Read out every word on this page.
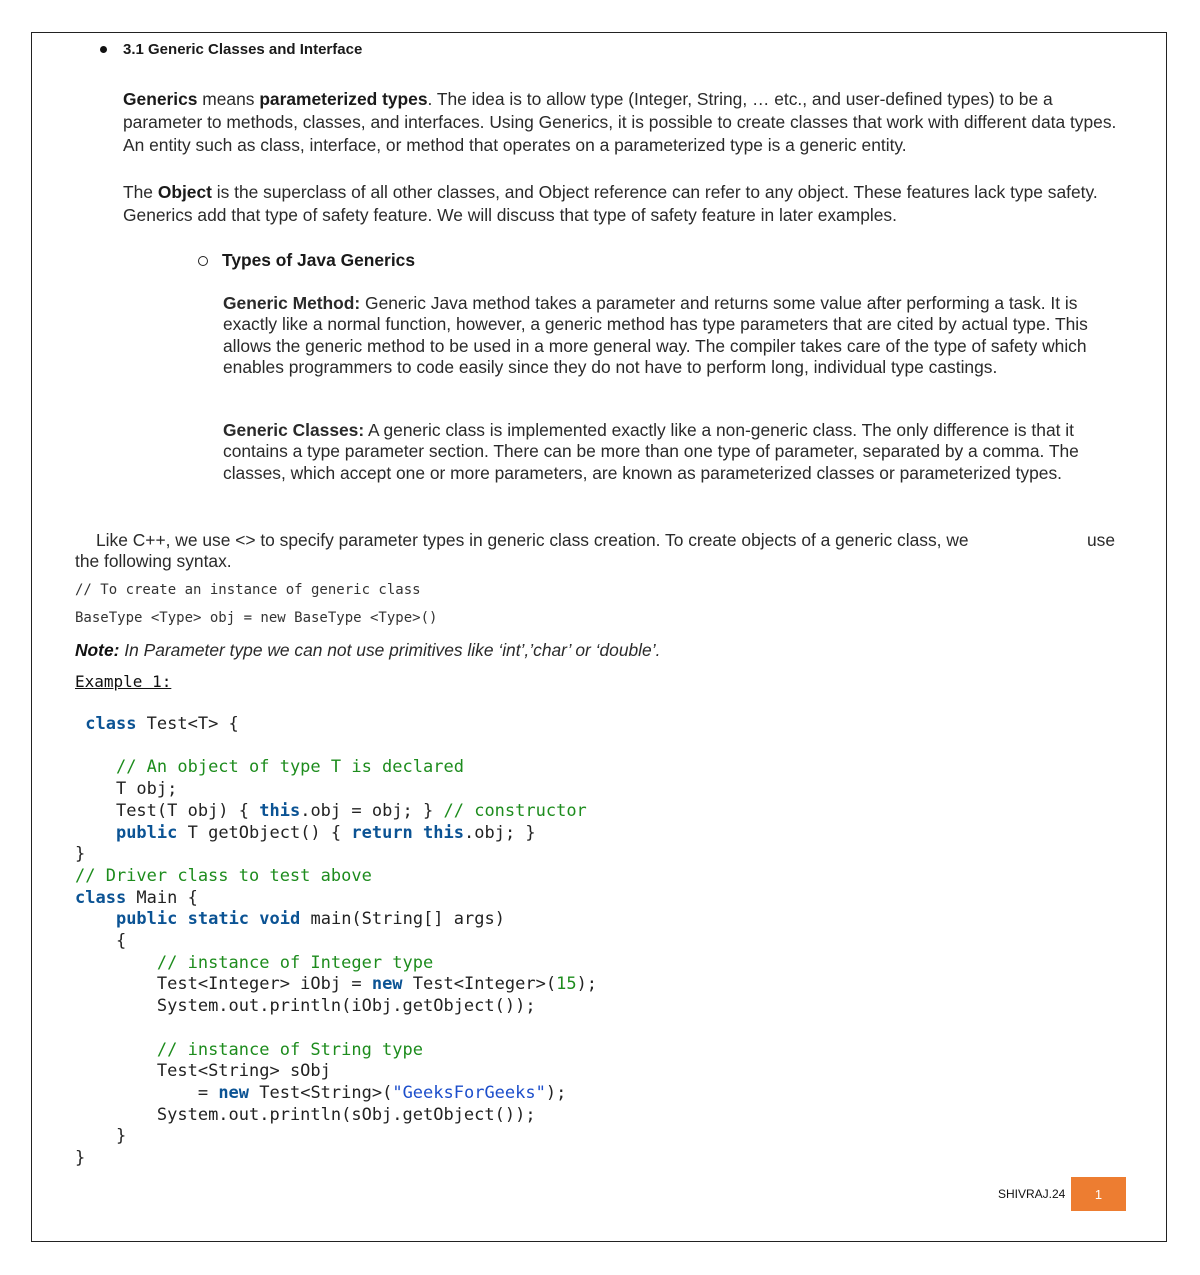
3.1 Generic Classes and Interface
Generics means parameterized types. The idea is to allow type (Integer, String, … etc., and user-defined types) to be a parameter to methods, classes, and interfaces. Using Generics, it is possible to create classes that work with different data types. An entity such as class, interface, or method that operates on a parameterized type is a generic entity.
The Object is the superclass of all other classes, and Object reference can refer to any object. These features lack type safety. Generics add that type of safety feature. We will discuss that type of safety feature in later examples.
Types of Java Generics
Generic Method: Generic Java method takes a parameter and returns some value after performing a task. It is exactly like a normal function, however, a generic method has type parameters that are cited by actual type. This allows the generic method to be used in a more general way. The compiler takes care of the type of safety which enables programmers to code easily since they do not have to perform long, individual type castings.
Generic Classes: A generic class is implemented exactly like a non-generic class. The only difference is that it contains a type parameter section. There can be more than one type of parameter, separated by a comma. The classes, which accept one or more parameters, are known as parameterized classes or parameterized types.
Like C++, we use <> to specify parameter types in generic class creation. To create objects of a generic class, we	use
the following syntax.
// To create an instance of generic class
BaseType <Type> obj = new BaseType <Type>()
Note: In Parameter type we can not use primitives like ‘int’,’char’ or ‘double’.
Example 1:
class Test<T> {

// An object of type T is declared
T obj;
Test(T obj) { this.obj = obj; } // constructor
public T getObject() { return this.obj; }
}
// Driver class to test above
class Main {
public static void main(String[] args)
{
// instance of Integer type
Test<Integer> iObj = new Test<Integer>(15);
System.out.println(iObj.getObject());

// instance of String type
Test<String> sObj
= new Test<String>("GeeksForGeeks");
System.out.println(sObj.getObject());
}
}
SHIVRAJ.24 1
